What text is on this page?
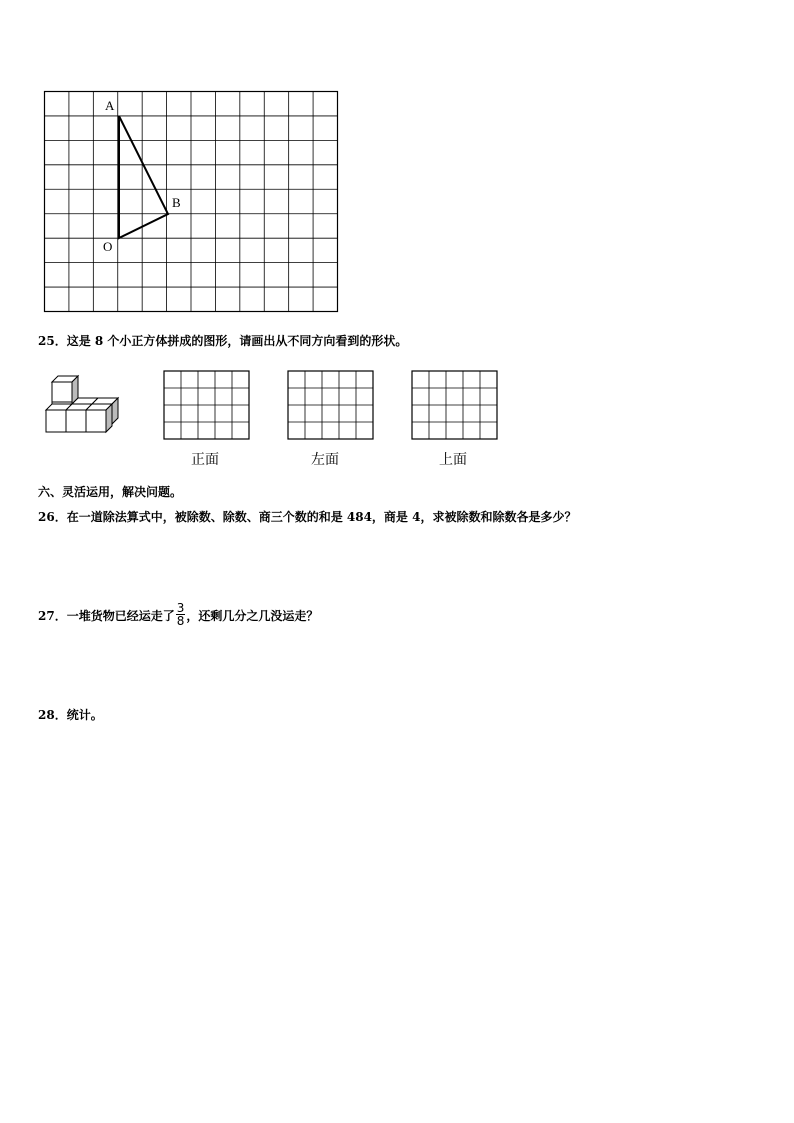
A
B
O
25．这是 8 个小正方体拼成的图形，请画出从不同方向看到的形状。
正面	左面	上面
六、灵活运用，解决问题。
26．在一道除法算式中，被除数、除数、商三个数的和是 484，商是 4，求被除数和除数各是多少？
27．一堆货物已经运走了 $\frac{3}{8}$ ，还剩几分之几没运走？
28．统计。
